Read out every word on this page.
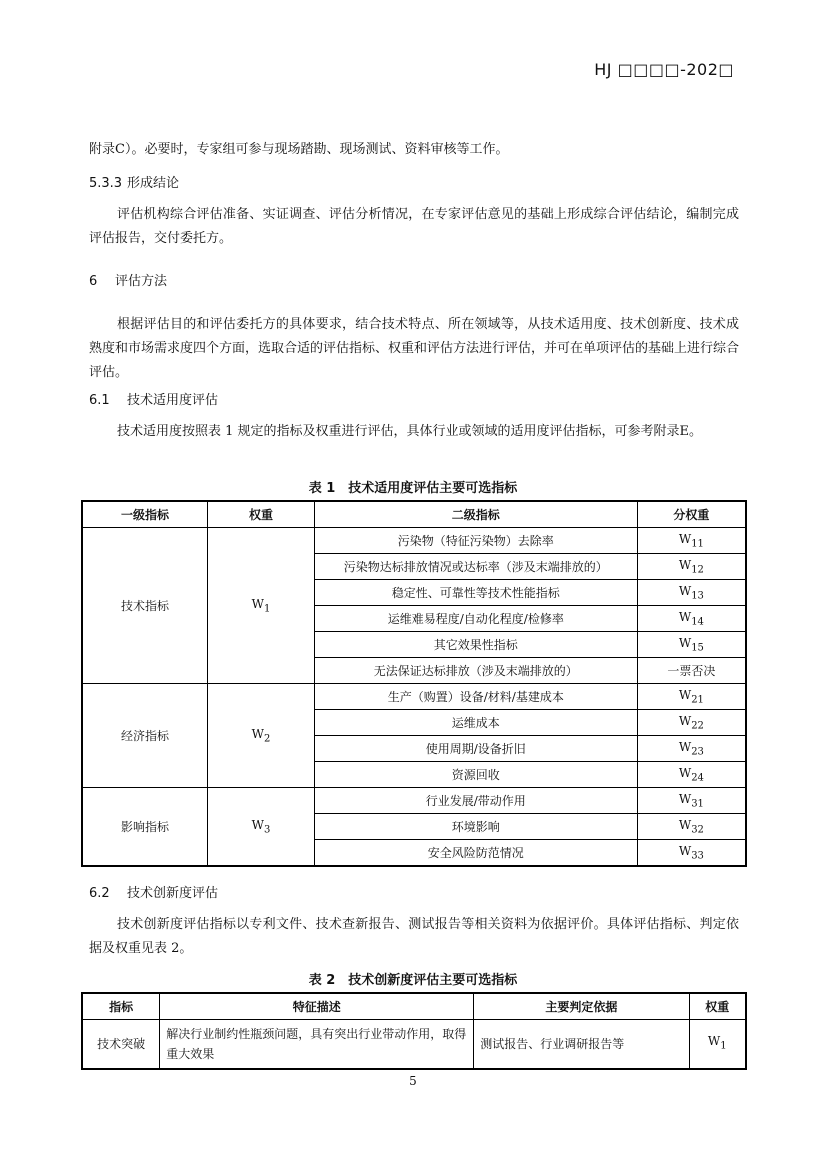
HJ □□□□-202□
附录C）。必要时，专家组可参与现场踏勘、现场测试、资料审核等工作。
5.3.3 形成结论
评估机构综合评估准备、实证调查、评估分析情况，在专家评估意见的基础上形成综合评估结论，编制完成评估报告，交付委托方。
6 评估方法
根据评估目的和评估委托方的具体要求，结合技术特点、所在领域等，从技术适用度、技术创新度、技术成熟度和市场需求度四个方面，选取合适的评估指标、权重和评估方法进行评估，并可在单项评估的基础上进行综合评估。
6.1 技术适用度评估
技术适用度按照表 1 规定的指标及权重进行评估，具体行业或领域的适用度评估指标，可参考附录E。
表 1　技术适用度评估主要可选指标
一级指标	权重	二级指标	分权重
技术指标	$W_1$	污染物（特征污染物）去除率	$W_{11}$
		污染物达标排放情况或达标率（涉及末端排放的）	$W_{12}$
		稳定性、可靠性等技术性能指标	$W_{13}$
		运维难易程度/自动化程度/检修率	$W_{14}$
		其它效果性指标	$W_{15}$
		无法保证达标排放（涉及末端排放的）	一票否决
经济指标	$W_2$	生产（购置）设备/材料/基建成本	$W_{21}$
		运维成本	$W_{22}$
		使用周期/设备折旧	$W_{23}$
		资源回收	$W_{24}$
影响指标	$W_3$	行业发展/带动作用	$W_{31}$
		环境影响	$W_{32}$
		安全风险防范情况	$W_{33}$
6.2 技术创新度评估
技术创新度评估指标以专利文件、技术查新报告、测试报告等相关资料为依据评价。具体评估指标、判定依据及权重见表 2。
表 2　技术创新度评估主要可选指标
指标	特征描述	主要判定依据	权重
技术突破	解决行业制约性瓶颈问题，具有突出行业带动作用，取得重大效果	测试报告、行业调研报告等	$W_1$
5
